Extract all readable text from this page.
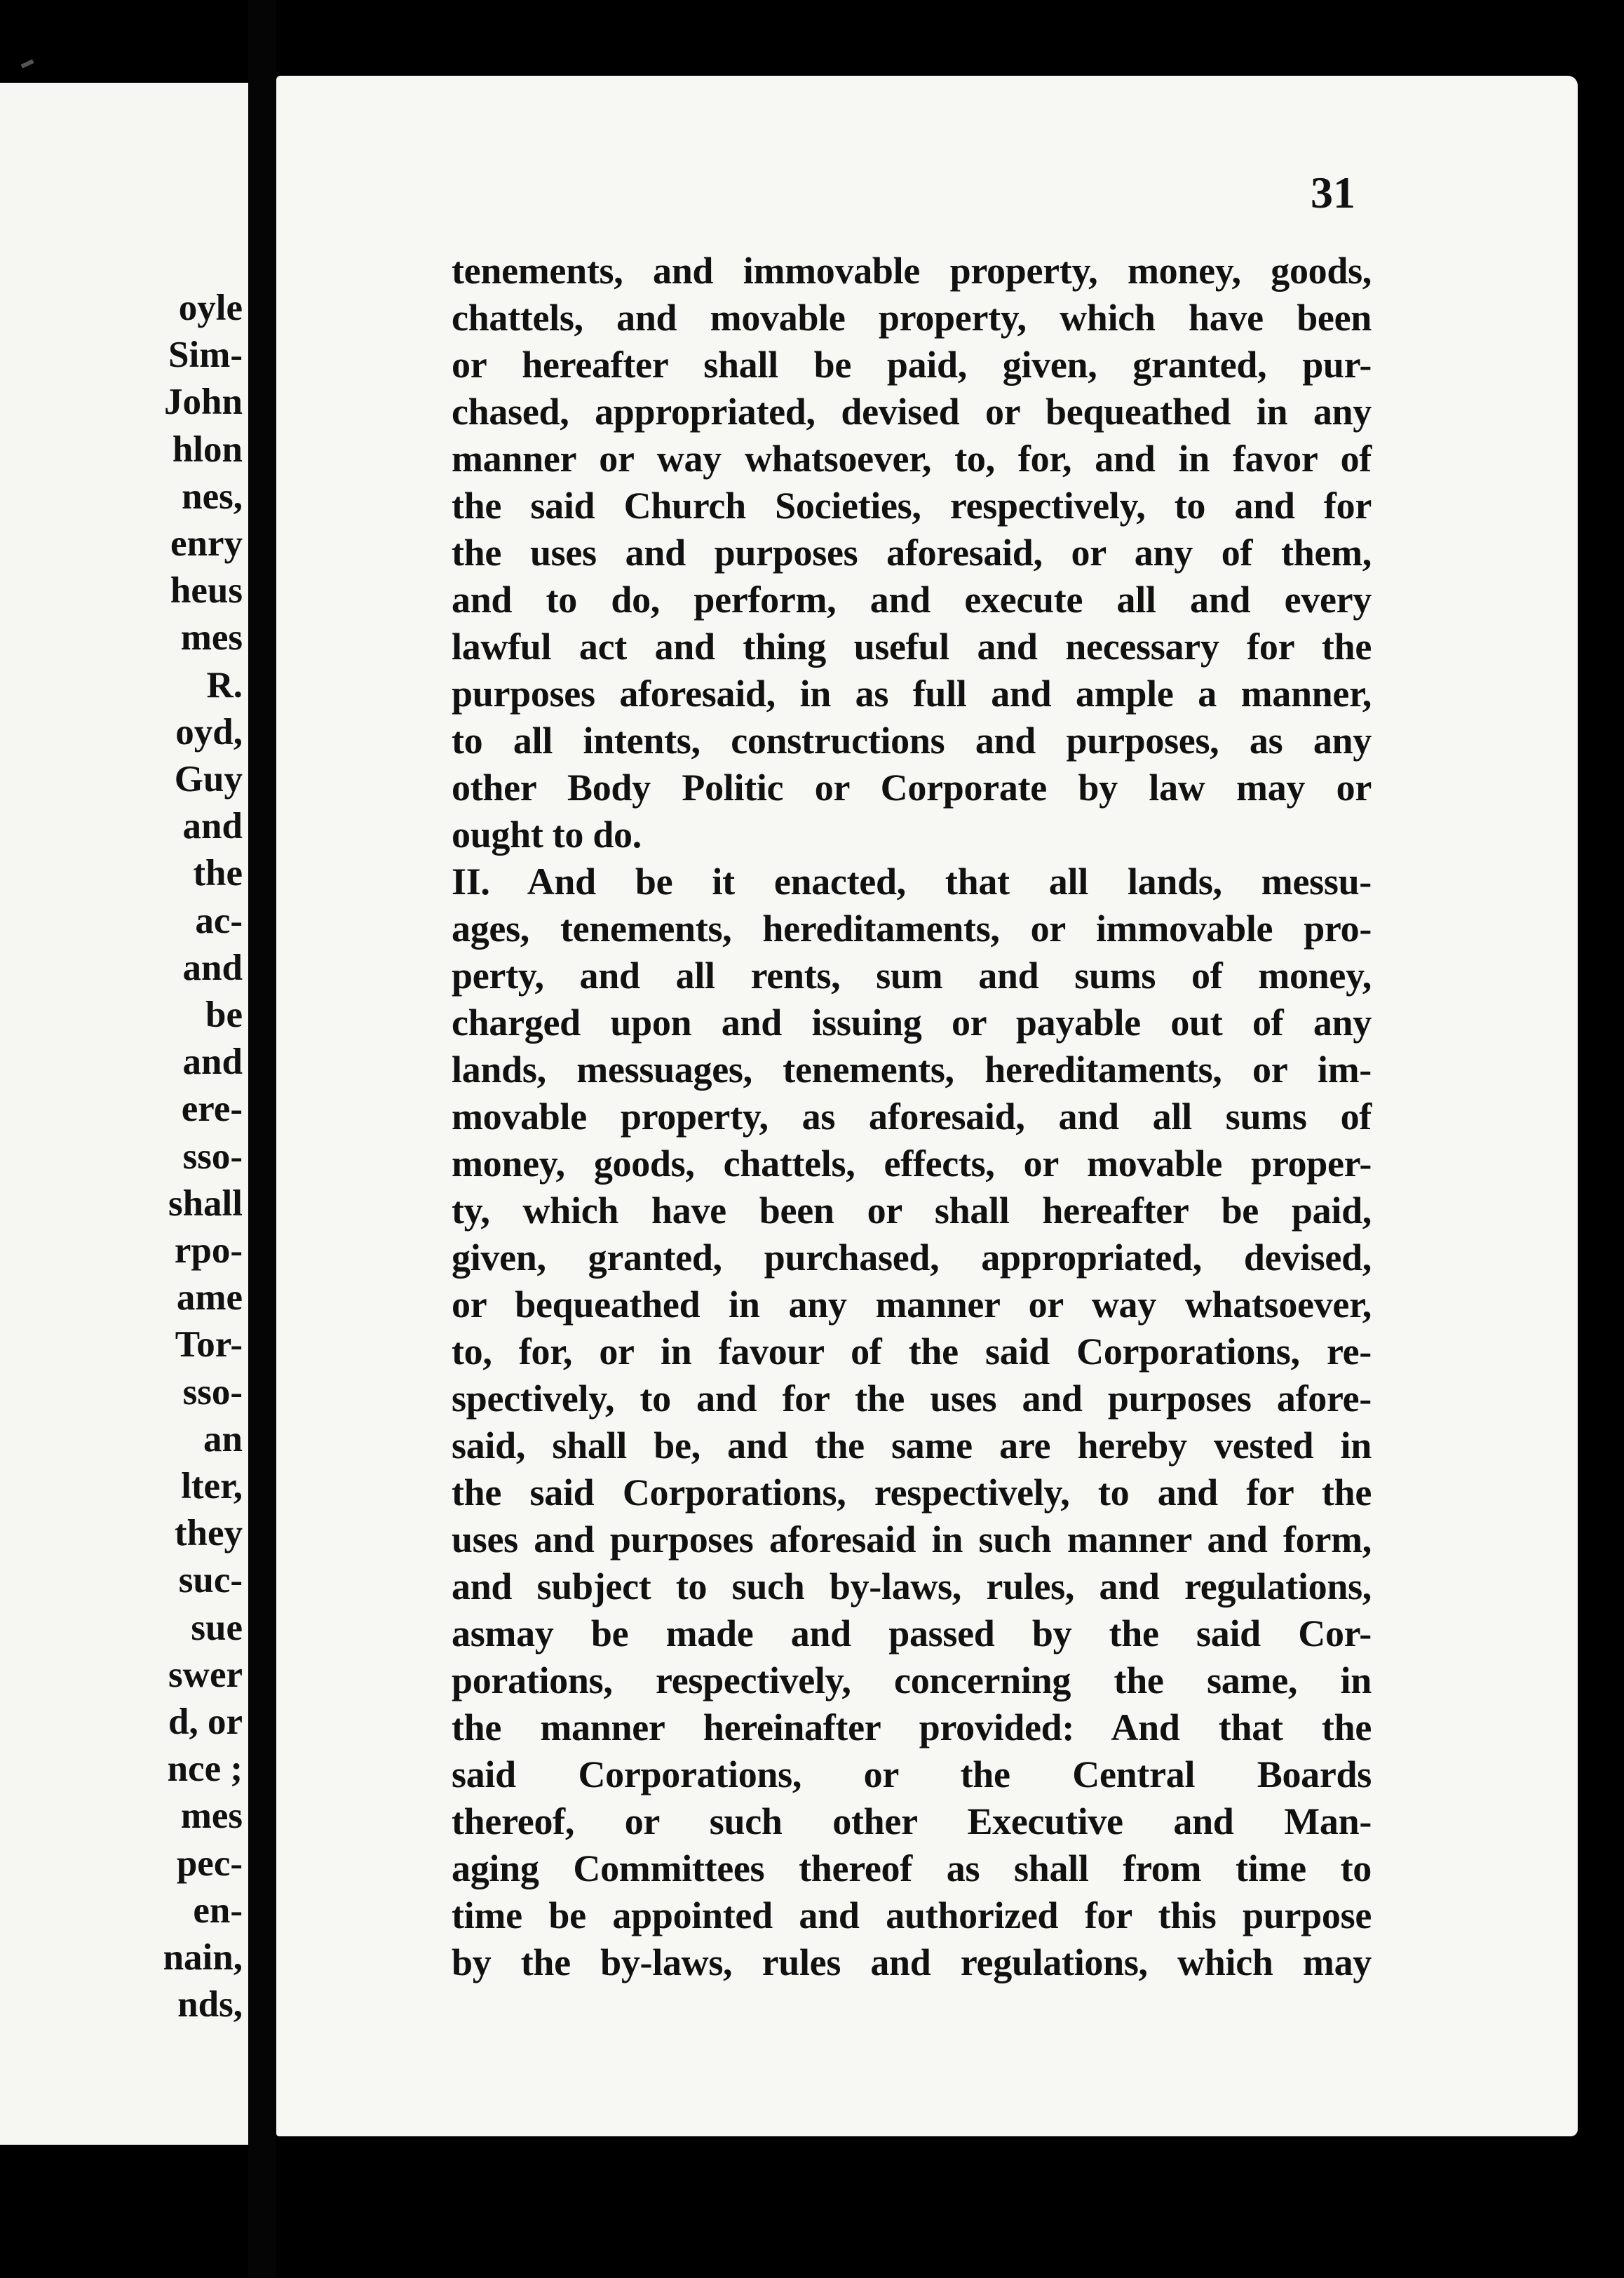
oyle
Sim-
John
hlon
nes,
enry
heus
mes
R.
oyd,
Guy
and
the
ac-
and
be
and
ere-
sso-
shall
rpo-
ame
Tor-
sso-
an
lter,
they
suc-
sue
swer
d, or
nce ;
mes
pec-
en-
nain,
nds,
31
tenements, and immovable property, money, goods,
chattels, and movable property, which have been
or hereafter shall be paid, given, granted, pur-
chased, appropriated, devised or bequeathed in any
manner or way whatsoever, to, for, and in favor of
the said Church Societies, respectively, to and for
the uses and purposes aforesaid, or any of them,
and to do, perform, and execute all and every
lawful act and thing useful and necessary for the
purposes aforesaid, in as full and ample a manner,
to all intents, constructions and purposes, as any
other Body Politic or Corporate by law may or
ought to do.
II. And be it enacted, that all lands, messu-
ages, tenements, hereditaments, or immovable pro-
perty, and all rents, sum and sums of money,
charged upon and issuing or payable out of any
lands, messuages, tenements, hereditaments, or im-
movable property, as aforesaid, and all sums of
money, goods, chattels, effects, or movable proper-
ty, which have been or shall hereafter be paid,
given, granted, purchased, appropriated, devised,
or bequeathed in any manner or way whatsoever,
to, for, or in favour of the said Corporations, re-
spectively, to and for the uses and purposes afore-
said, shall be, and the same are hereby vested in
the said Corporations, respectively, to and for the
uses and purposes aforesaid in such manner and form,
and subject to such by-laws, rules, and regulations,
asmay be made and passed by the said Cor-
porations, respectively, concerning the same, in
the manner hereinafter provided: And that the
said Corporations, or the Central Boards
thereof, or such other Executive and Man-
aging Committees thereof as shall from time to
time be appointed and authorized for this purpose
by the by-laws, rules and regulations, which may
